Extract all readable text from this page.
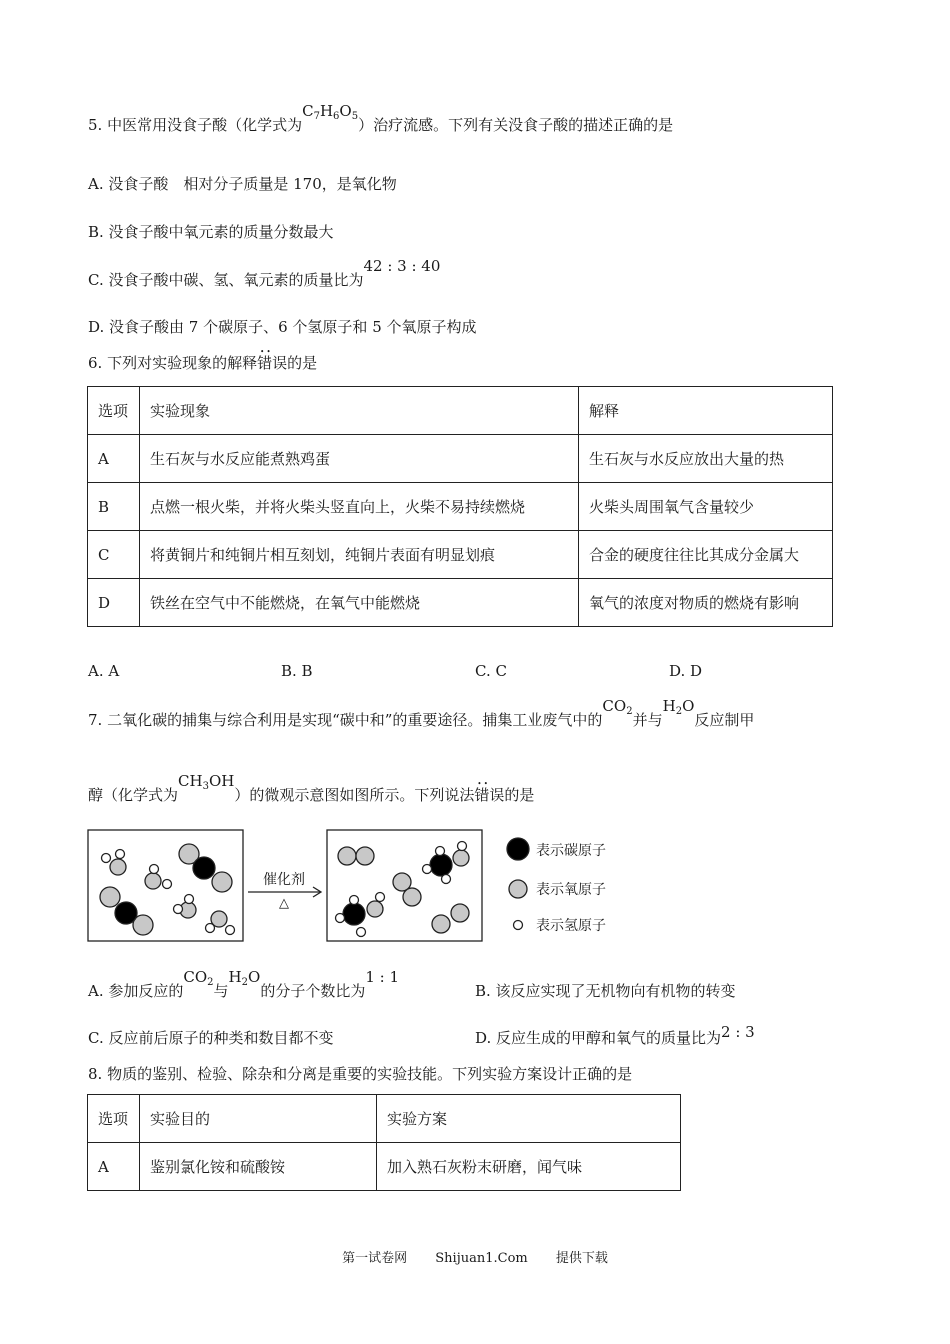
5. 中医常用没食子酸（化学式为$C_7H_6O_5$）治疗流感。下列有关没食子酸的描述正确的是
A. 没食子酸　相对分子质量是 170，是氧化物
B. 没食子酸中氧元素的质量分数最大
C. 没食子酸中碳、氢、氧元素的质量比为42 : 3 : 40
D. 没食子酸由 7 个碳原子、6 个氢原子和 5 个氧原子构成
6. 下列对实验现象的解释• • 错误的是
选项	实验现象	解释
A	生石灰与水反应能煮熟鸡蛋	生石灰与水反应放出大量的热
B	点燃一根火柴，并将火柴头竖直向上，火柴不易持续燃烧	火柴头周围氧气含量较少
C	将黄铜片和纯铜片相互刻划，纯铜片表面有明显划痕	合金的硬度往往比其成分金属大
D	铁丝在空气中不能燃烧，在氧气中能燃烧	氧气的浓度对物质的燃烧有影响
A. A	B. B	C. C	D. D
7. 二氧化碳的捕集与综合利用是实现“碳中和”的重要途径。捕集工业废气中的$CO_2$并与$H_2O$反应制甲
醇（化学式为$CH_3OH$）的微观示意图如图所示。下列说法• • 错误的是
催化剂
△
表示碳原子
表示氧原子
表示氢原子
A. 参加反应的$CO_2$与$H_2O$的分子个数比为1 : 1
B. 该反应实现了无机物向有机物的转变
C. 反应前后原子的种类和数目都不变	D. 反应生成的甲醇和氧气的质量比为2 : 3
8. 物质的鉴别、检验、除杂和分离是重要的实验技能。下列实验方案设计正确的是
选项	实验目的	实验方案
A	鉴别氯化铵和硫酸铵	加入熟石灰粉末研磨，闻气味
第一试卷网 Shijuan1.Com 提供下载
